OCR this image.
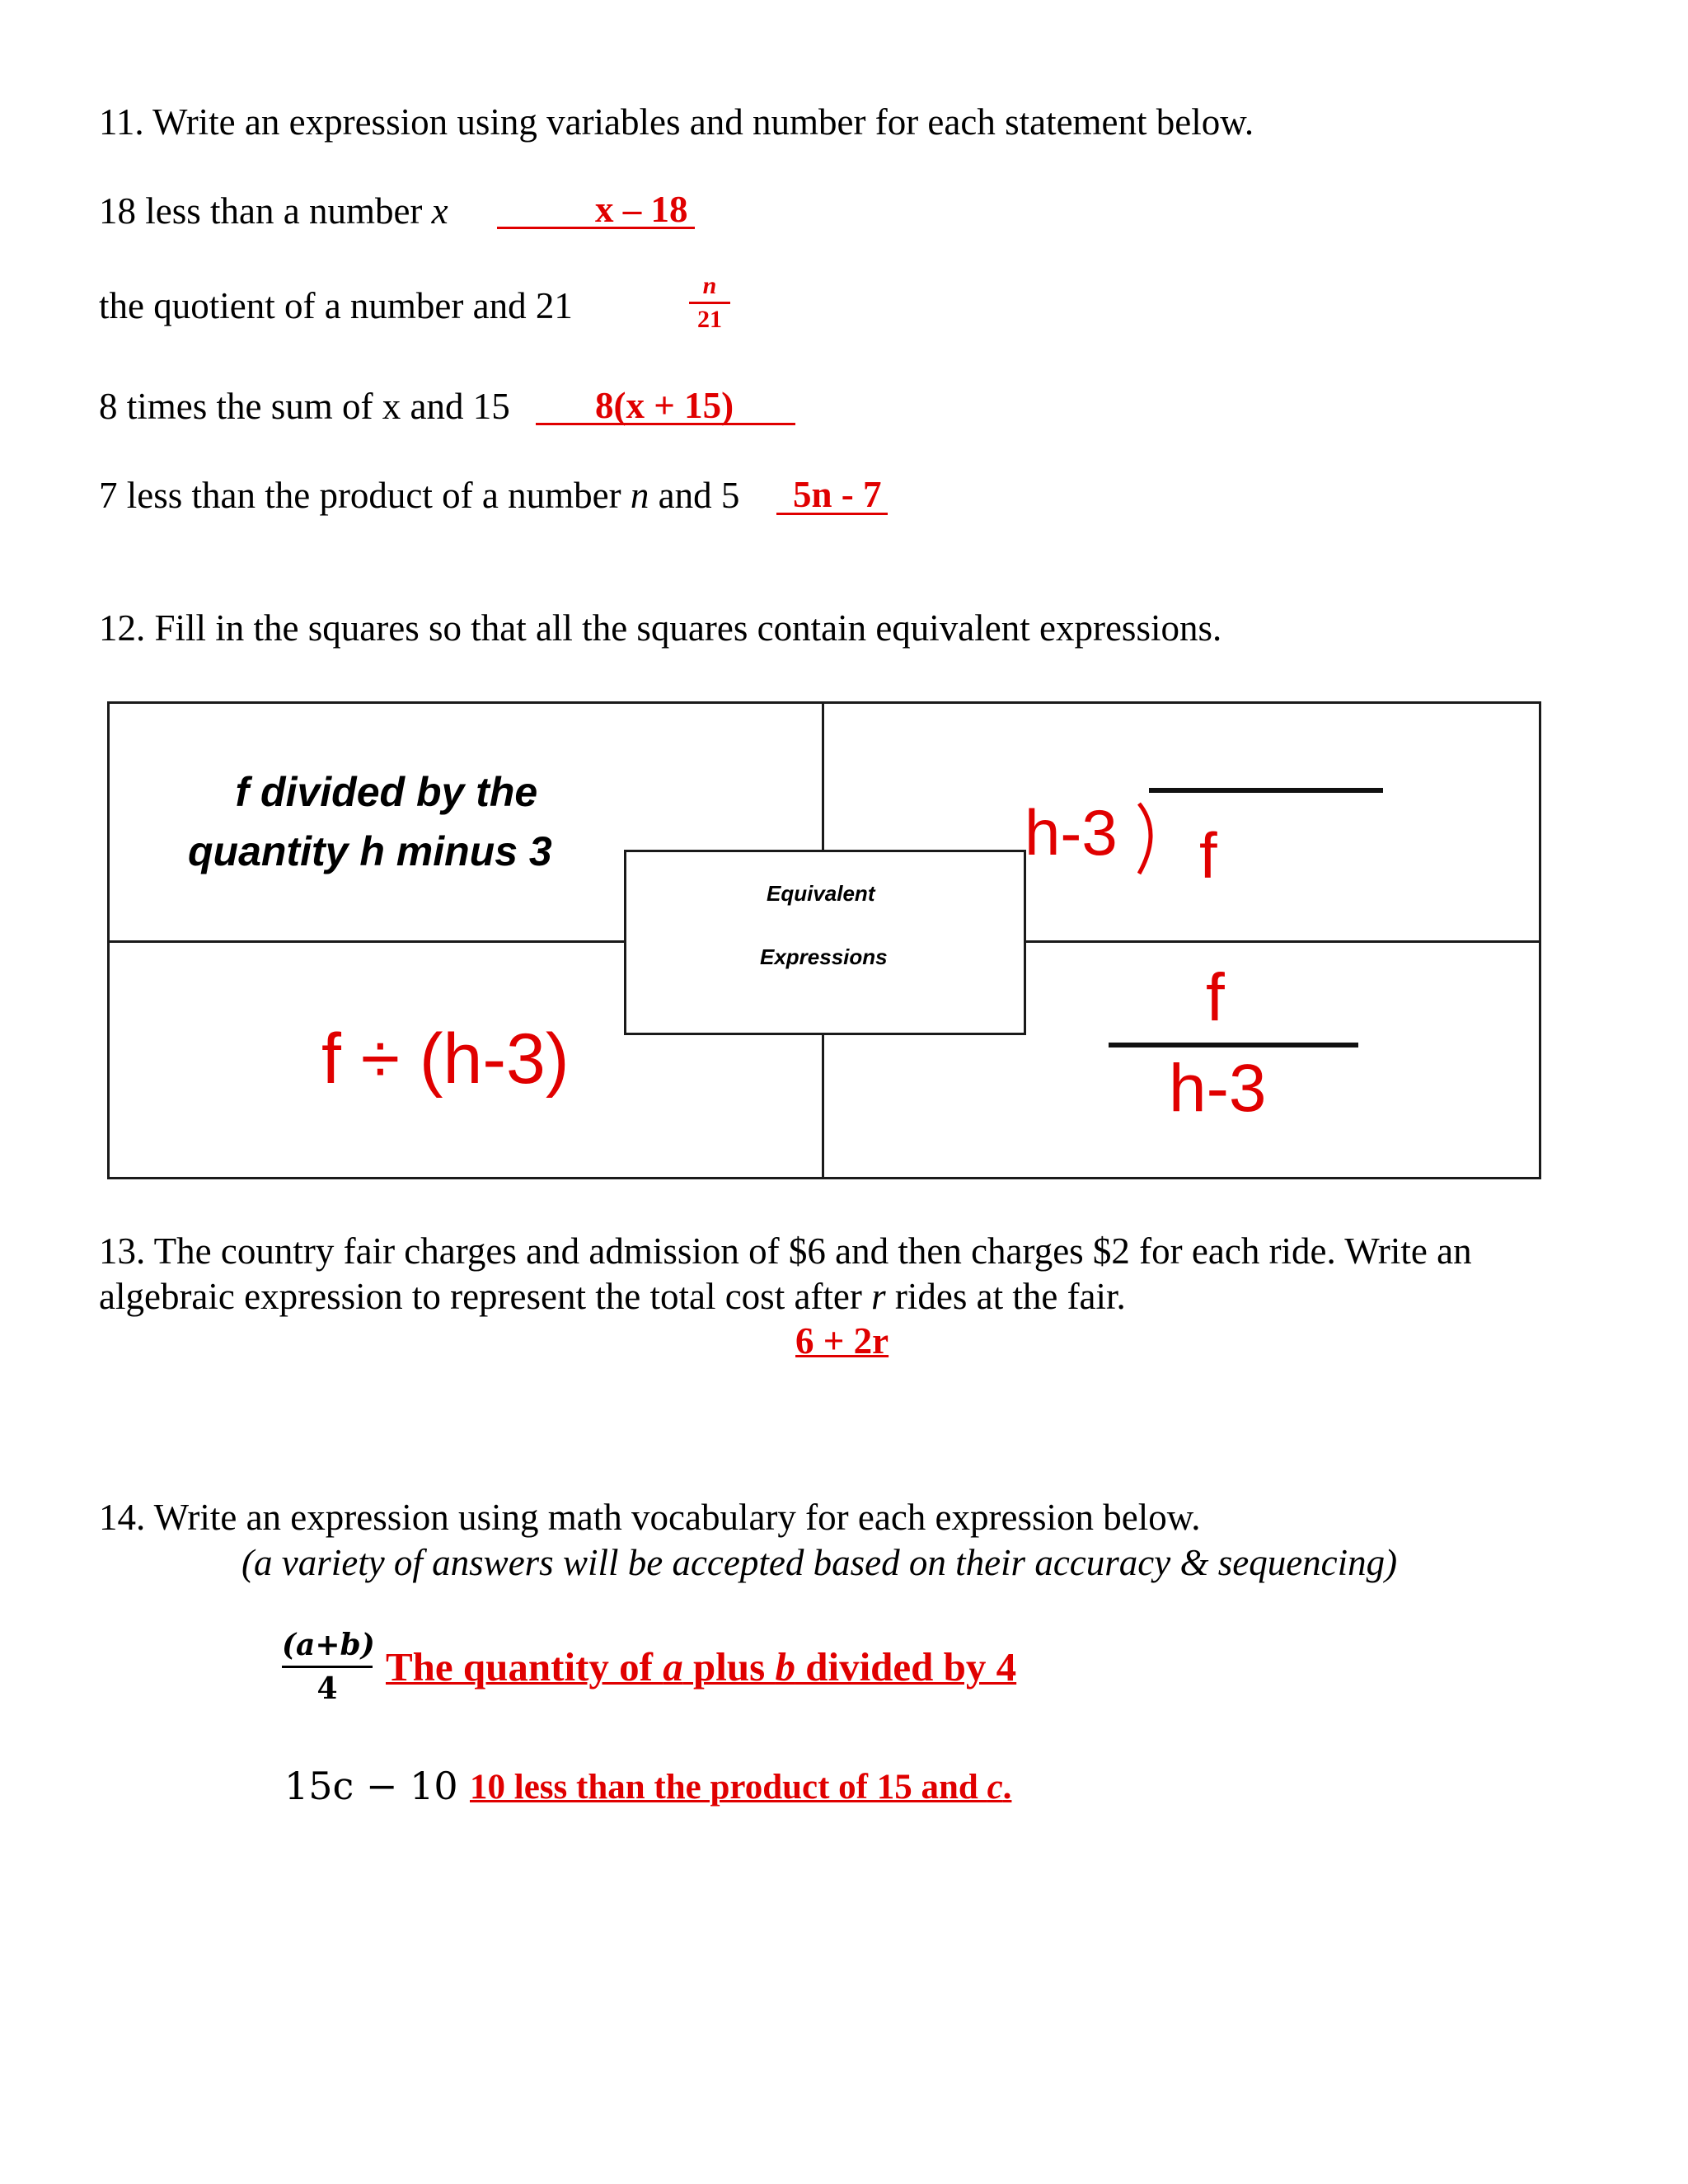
11. Write an expression using variables and number for each statement below.
18 less than a number x	x – 18
the quotient of a number and 21	n
21
8 times the sum of x and 15 8(x + 15)
7 less than the product of a number n and 5 5n - 7
12. Fill in the squares so that all the squares contain equivalent expressions.
f divided by the
quantity h minus 3
Equivalent
Expressions
h-3 f
f ÷ (h-3)
f
h-3
13. The country fair charges and admission of $6 and then charges $2 for each ride. Write an
algebraic expression to represent the total cost after r rides at the fair.
6 + 2r
14. Write an expression using math vocabulary for each expression below.
(a variety of answers will be accepted based on their accuracy & sequencing)
(a+b)
4	The quantity of a plus b divided by 4
15c − 10 10 less than the product of 15 and c.
